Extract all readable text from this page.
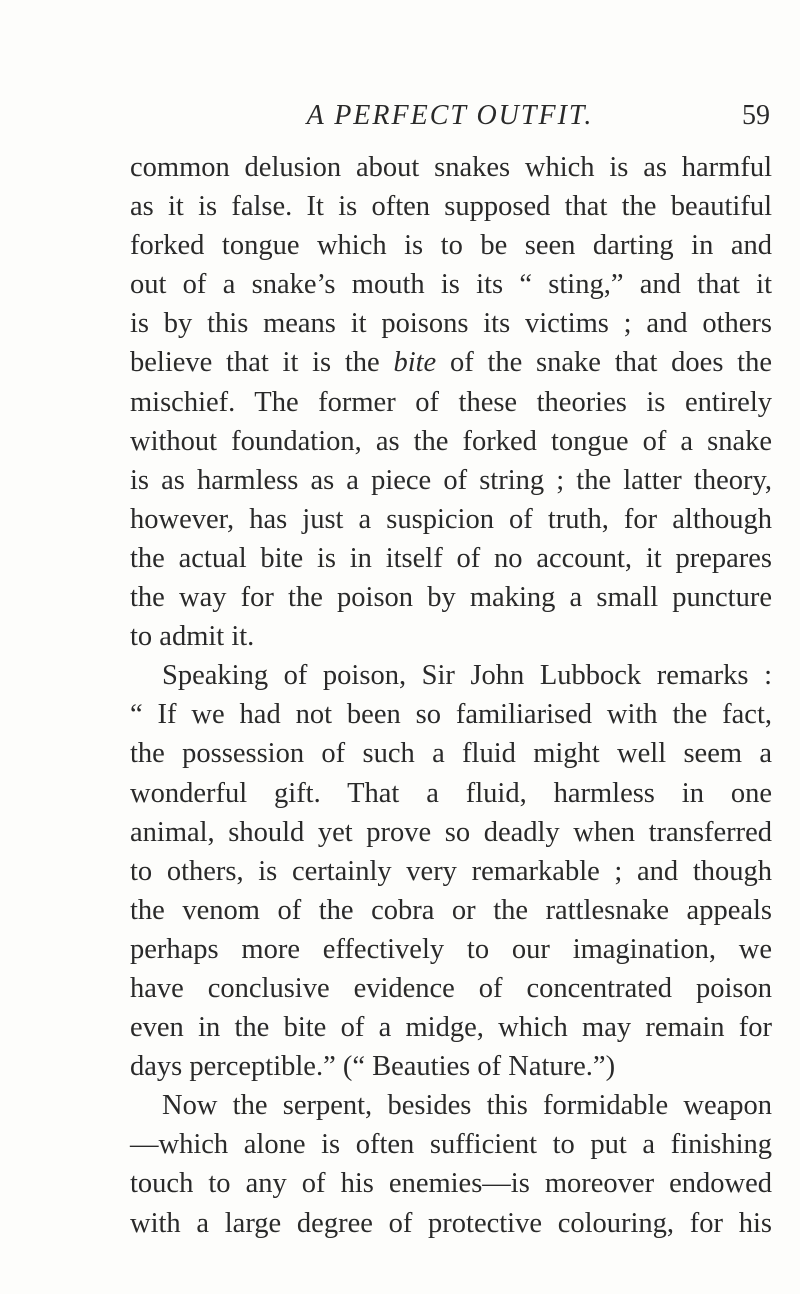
A PERFECT OUTFIT.	59
common delusion about snakes which is as harmful
as it is false. It is often supposed that the beautiful
forked tongue which is to be seen darting in and
out of a snake’s mouth is its “ sting,” and that it
is by this means it poisons its victims ; and others
believe that it is the bite of the snake that does the
mischief. The former of these theories is entirely
without foundation, as the forked tongue of a snake
is as harmless as a piece of string ; the latter theory,
however, has just a suspicion of truth, for although
the actual bite is in itself of no account, it prepares
the way for the poison by making a small puncture
to admit it.
Speaking of poison, Sir John Lubbock remarks :
“ If we had not been so familiarised with the fact,
the possession of such a fluid might well seem a
wonderful gift. That a fluid, harmless in one
animal, should yet prove so deadly when transferred
to others, is certainly very remarkable ; and though
the venom of the cobra or the rattlesnake appeals
perhaps more effectively to our imagination, we
have conclusive evidence of concentrated poison
even in the bite of a midge, which may remain for
days perceptible.” (“ Beauties of Nature.”)
Now the serpent, besides this formidable weapon
—which alone is often sufficient to put a finishing
touch to any of his enemies—is moreover endowed
with a large degree of protective colouring, for his
